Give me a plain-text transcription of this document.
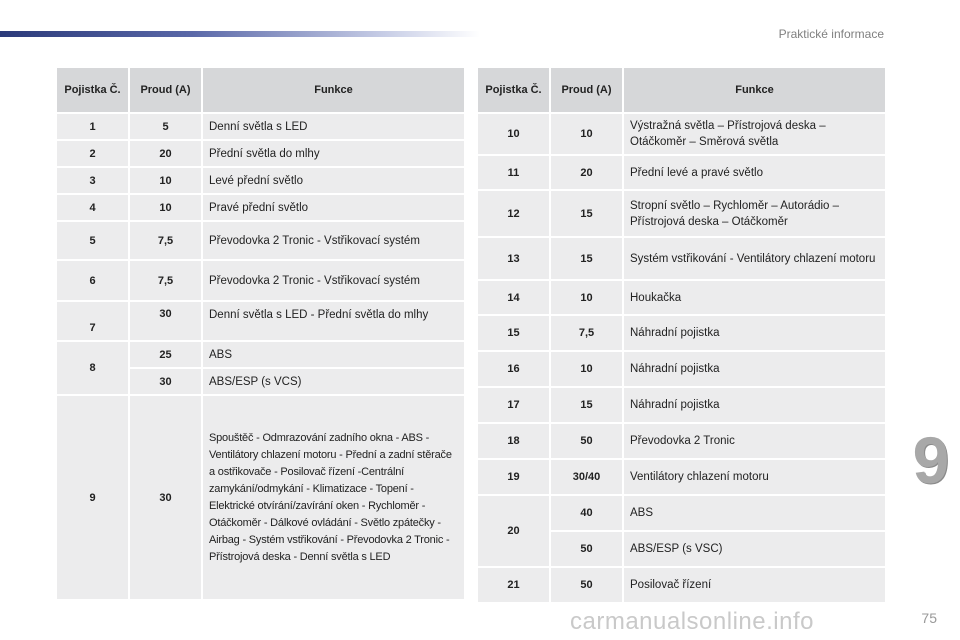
Praktické informace
Pojistka Č.	Proud (A)	Funkce
1	5	Denní světla s LED
2	20	Přední světla do mlhy
3	10	Levé přední světlo
4	10	Pravé přední světlo
5	7,5	Převodovka 2 Tronic - Vstřikovací systém
6	7,5	Převodovka 2 Tronic - Vstřikovací systém
7	30	Denní světla s LED - Přední světla do mlhy
8	25	ABS
	30	ABS/ESP (s VCS)
9	30	Spouštěč - Odmrazování zadního okna - ABS - Ventilátory chlazení motoru - Přední a zadní stěrače a ostřikovače - Posilovač řízení -Centrální zamykání/odmykání - Klimatizace - Topení - Elektrické otvírání/zavírání oken - Rychloměr - Otáčkoměr - Dálkové ovládání - Světlo zpátečky - Airbag - Systém vstřikování - Převodovka 2 Tronic - Přístrojová deska - Denní světla s LED
Pojistka Č.	Proud (A)	Funkce
10	10	Výstražná světla – Přístrojová deska – Otáčkoměr – Směrová světla
11	20	Přední levé a pravé světlo
12	15	Stropní světlo – Rychloměr – Autorádio – Přístrojová deska – Otáčkoměr
13	15	Systém vstřikování - Ventilátory chlazení motoru
14	10	Houkačka
15	7,5	Náhradní pojistka
16	10	Náhradní pojistka
17	15	Náhradní pojistka
18	50	Převodovka 2 Tronic
19	30/40	Ventilátory chlazení motoru
20	40	ABS
	50	ABS/ESP (s VSC)
21	50	Posilovač řízení
9
carmanualsonline.info	75
